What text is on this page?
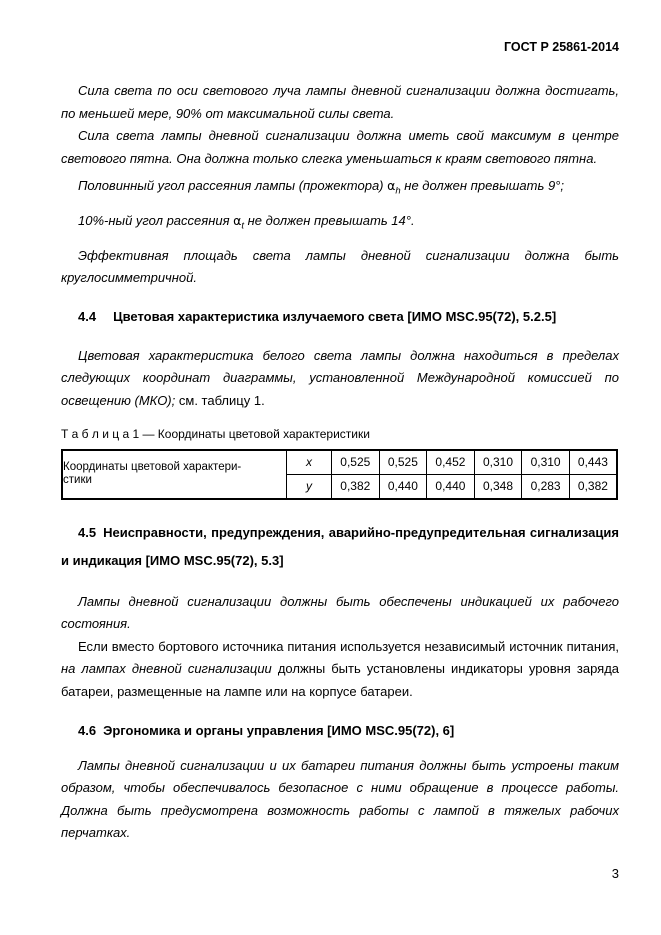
ГОСТ Р 25861-2014

Сила света по оси светового луча лампы дневной сигнализации должна достигать, по меньшей мере, 90% от максимальной силы света.

Сила света лампы дневной сигнализации должна иметь свой максимум в центре светового пятна. Она должна только слегка уменьшаться к краям светового пятна.

Половинный угол рассеяния лампы (прожектора) $\alpha_h$ не должен превышать 9°;

10%-ный угол рассеяния $\alpha_t$ не должен превышать 14°.

Эффективная площадь света лампы дневной сигнализации должна быть круглосимметричной.

4.4 Цветовая характеристика излучаемого света [ИМО MSC.95(72), 5.2.5]

Цветовая характеристика белого света лампы должна находиться в пределах следующих координат диаграммы, установленной Международной комиссией по освещению (МКО); см. таблицу 1.

Т а б л и ц а 1 — Координаты цветовой характеристики
Координаты цветовой характери-стики	x	0,525	0,525	0,452	0,310	0,310	0,443
	y	0,382	0,440	0,440	0,348	0,283	0,382
4.5 Неисправности, предупреждения, аварийно-предупредительная сигнализация и индикация [ИМО MSC.95(72), 5.3]

Лампы дневной сигнализации должны быть обеспечены индикацией их рабочего состояния.

Если вместо бортового источника питания используется независимый источник питания, на лампах дневной сигнализации должны быть установлены индикаторы уровня заряда батареи, размещенные на лампе или на корпусе батареи.

4.6 Эргономика и органы управления [ИМО MSC.95(72), 6]

Лампы дневной сигнализации и их батареи питания должны быть устроены таким образом, чтобы обеспечивалось безопасное с ними обращение в процессе работы. Должна быть предусмотрена возможность работы с лампой в тяжелых рабочих перчатках.

3
